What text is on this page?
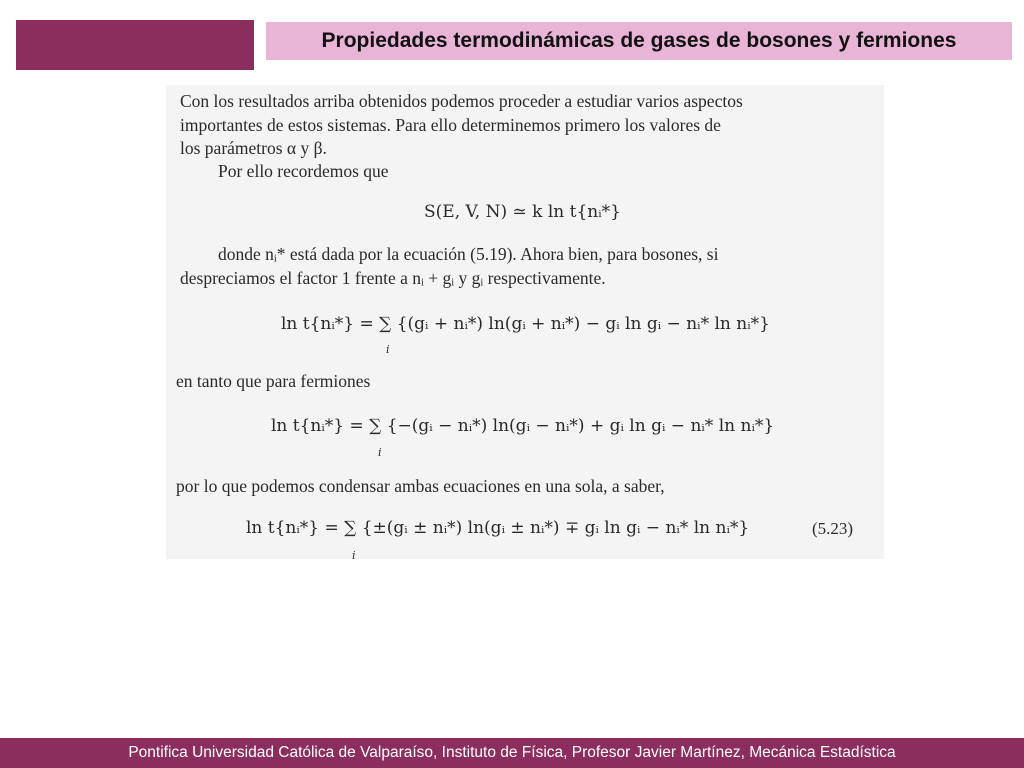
Propiedades termodinámicas de gases de bosones y fermiones

Con los resultados arriba obtenidos podemos proceder a estudiar varios aspectos

importantes de estos sistemas. Para ello determinemos primero los valores de

los parámetros α y β.

Por ello recordemos que

S(E, V, N) ≃ k ln t{nᵢ*}

donde nᵢ* está dada por la ecuación (5.19). Ahora bien, para bosones, si

despreciamos el factor 1 frente a nᵢ + gᵢ y gᵢ respectivamente.

ln t{nᵢ*} = ∑ {(gᵢ + nᵢ*) ln(gᵢ + nᵢ*) − gᵢ ln gᵢ − nᵢ* ln nᵢ*}
i

en tanto que para fermiones

ln t{nᵢ*} = ∑ {−(gᵢ − nᵢ*) ln(gᵢ − nᵢ*) + gᵢ ln gᵢ − nᵢ* ln nᵢ*}
i

por lo que podemos condensar ambas ecuaciones en una sola, a saber,

ln t{nᵢ*} = ∑ {±(gᵢ ± nᵢ*) ln(gᵢ ± nᵢ*) ∓ gᵢ ln gᵢ − nᵢ* ln nᵢ*}
i
(5.23)
Pontifica Universidad Católica de Valparaíso, Instituto de Física, Profesor Javier Martínez, Mecánica Estadística
